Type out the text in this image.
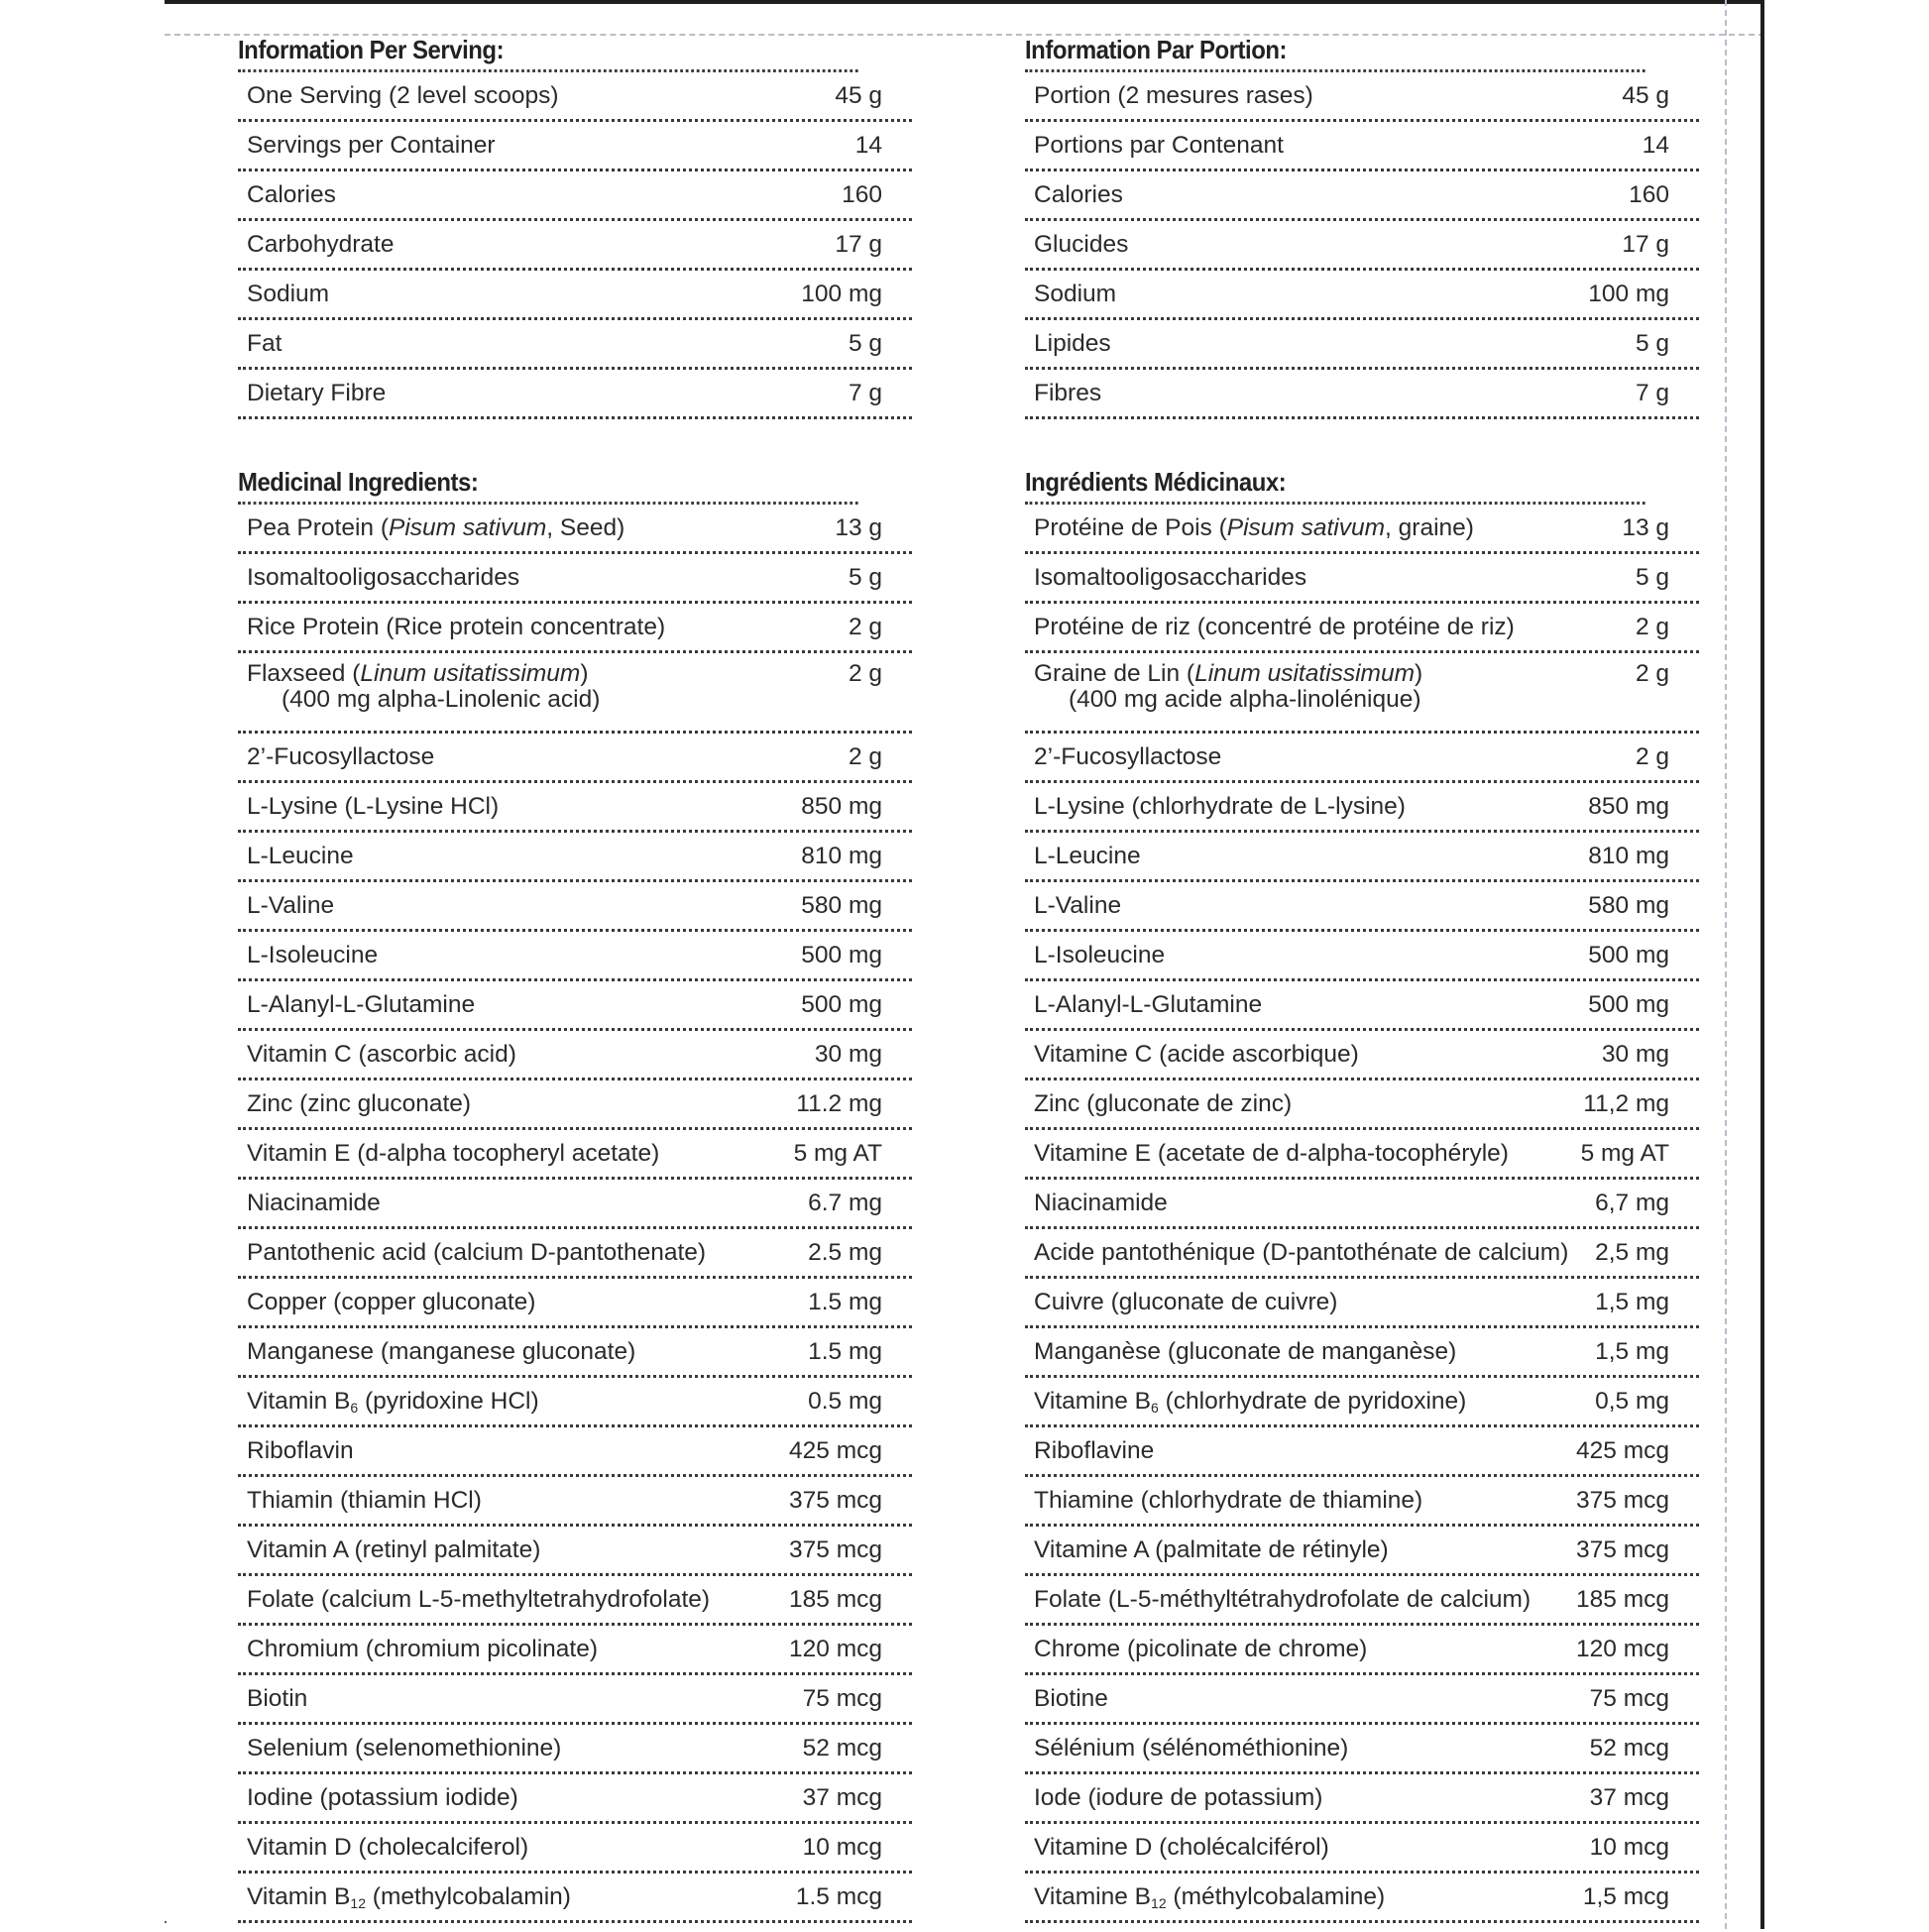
·
Information Per Serving:
One Serving (2 level scoops)	45 g
Servings per Container	14
Calories	160
Carbohydrate	17 g
Sodium	100 mg
Fat	5 g
Dietary Fibre	7 g
Medicinal Ingredients:
Pea Protein (Pisum sativum, Seed)	13 g
Isomaltooligosaccharides	5 g
Rice Protein (Rice protein concentrate)	2 g
Flaxseed (Linum usitatissimum)
(400 mg alpha-Linolenic acid)
2 g
2’-Fucosyllactose	2 g
L-Lysine (L-Lysine HCl)	850 mg
L-Leucine	810 mg
L-Valine	580 mg
L-Isoleucine	500 mg
L-Alanyl-L-Glutamine	500 mg
Vitamin C (ascorbic acid)	30 mg
Zinc (zinc gluconate)	11.2 mg
Vitamin E (d-alpha tocopheryl acetate)	5 mg AT
Niacinamide	6.7 mg
Pantothenic acid (calcium D-pantothenate)	2.5 mg
Copper (copper gluconate)	1.5 mg
Manganese (manganese gluconate)	1.5 mg
Vitamin $B_6$ (pyridoxine HCl)	0.5 mg
Riboflavin	425 mcg
Thiamin (thiamin HCl)	375 mcg
Vitamin A (retinyl palmitate)	375 mcg
Folate (calcium L-5-methyltetrahydrofolate)	185 mcg
Chromium (chromium picolinate)	120 mcg
Biotin	75 mcg
Selenium (selenomethionine)	52 mcg
Iodine (potassium iodide)	37 mcg
Vitamin D (cholecalciferol)	10 mcg
Vitamin $B_{12}$ (methylcobalamin)	1.5 mcg
Information Par Portion:
Portion (2 mesures rases)	45 g
Portions par Contenant	14
Calories	160
Glucides	17 g
Sodium	100 mg
Lipides	5 g
Fibres	7 g
Ingrédients Médicinaux:
Protéine de Pois (Pisum sativum, graine)	13 g
Isomaltooligosaccharides	5 g
Protéine de riz (concentré de protéine de riz)	2 g
Graine de Lin (Linum usitatissimum)
(400 mg acide alpha-linolénique)
2 g
2’-Fucosyllactose	2 g
L-Lysine (chlorhydrate de L-lysine)	850 mg
L-Leucine	810 mg
L-Valine	580 mg
L-Isoleucine	500 mg
L-Alanyl-L-Glutamine	500 mg
Vitamine C (acide ascorbique)	30 mg
Zinc (gluconate de zinc)	11,2 mg
Vitamine E (acetate de d-alpha-tocophéryle)	5 mg AT
Niacinamide	6,7 mg
Acide pantothénique (D-pantothénate de calcium) 2,5 mg
Cuivre (gluconate de cuivre)	1,5 mg
Manganèse (gluconate de manganèse)	1,5 mg
Vitamine $B_6$ (chlorhydrate de pyridoxine)	0,5 mg
Riboflavine	425 mcg
Thiamine (chlorhydrate de thiamine)	375 mcg
Vitamine A (palmitate de rétinyle)	375 mcg
Folate (L-5-méthyltétrahydrofolate de calcium) 185 mcg
Chrome (picolinate de chrome)	120 mcg
Biotine	75 mcg
Sélénium (sélénométhionine)	52 mcg
Iode (iodure de potassium)	37 mcg
Vitamine D (cholécalciférol)	10 mcg
Vitamine $B_{12}$ (méthylcobalamine)	1,5 mcg
